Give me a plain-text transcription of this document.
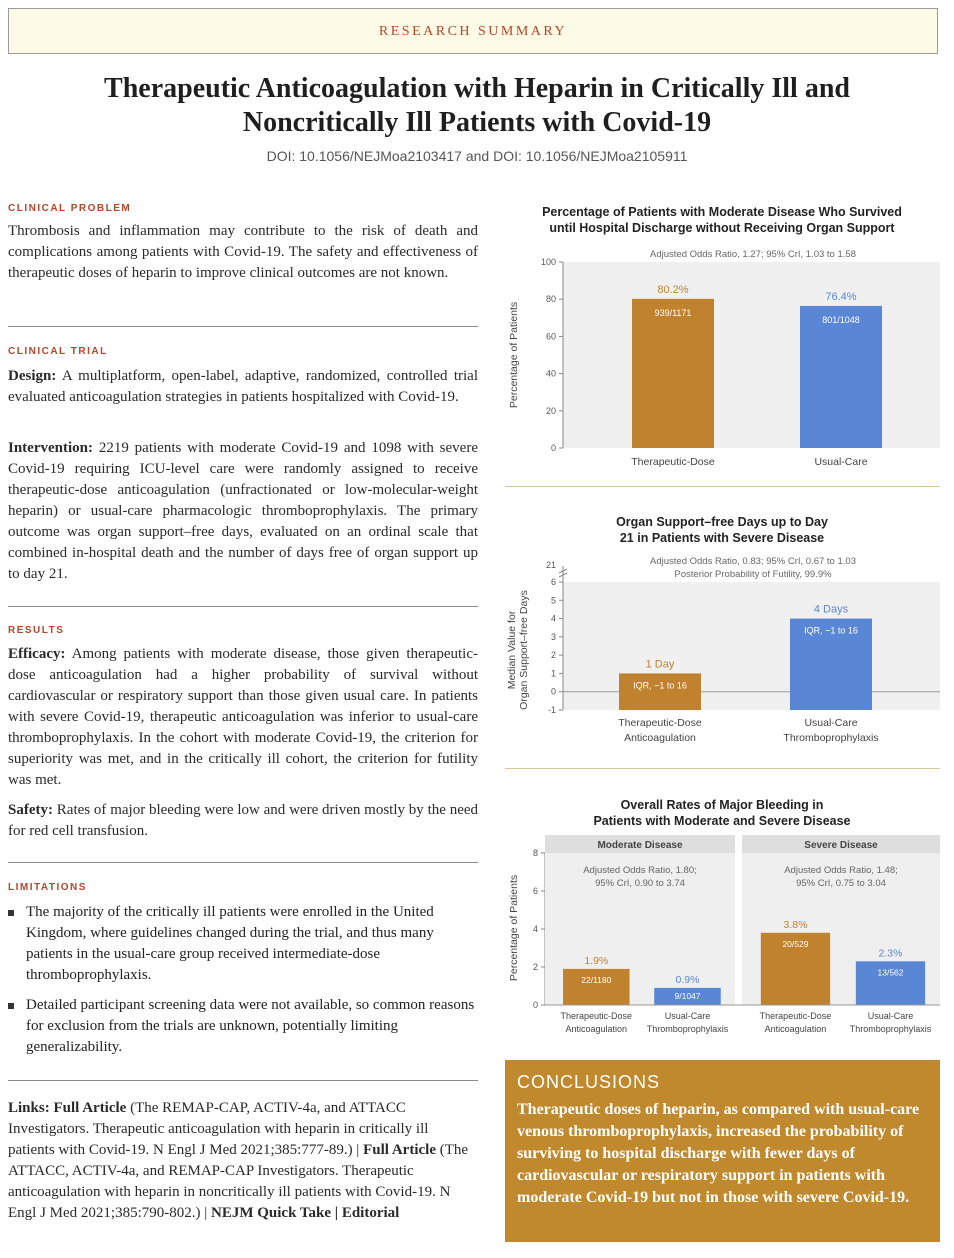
RESEARCH SUMMARY
Therapeutic Anticoagulation with Heparin in Critically Ill and Noncritically Ill Patients with Covid-19
DOI: 10.1056/NEJMoa2103417 and DOI: 10.1056/NEJMoa2105911
CLINICAL PROBLEM

Thrombosis and inflammation may contribute to the risk of death and complications among patients with Covid-19. The safety and effectiveness of therapeutic doses of heparin to improve clinical outcomes are not known.

CLINICAL TRIAL

Design: A multiplatform, open-label, adaptive, randomized, controlled trial evaluated anticoagulation strategies in patients hospitalized with Covid-19.

Intervention: 2219 patients with moderate Covid-19 and 1098 with severe Covid-19 requiring ICU-level care were randomly assigned to receive therapeutic-dose anticoagulation (unfractionated or low-molecular-weight heparin) or usual-care pharmacologic thromboprophylaxis. The primary outcome was organ support–free days, evaluated on an ordinal scale that combined in-hospital death and the number of days free of organ support up to day 21.

RESULTS

Efficacy: Among patients with moderate disease, those given therapeutic-dose anticoagulation had a higher probability of survival without cardiovascular or respiratory support than those given usual care. In patients with severe Covid-19, therapeutic anticoagulation was inferior to usual-care thromboprophylaxis. In the cohort with moderate Covid-19, the criterion for superiority was met, and in the critically ill cohort, the criterion for futility was met.

Safety: Rates of major bleeding were low and were driven mostly by the need for red cell transfusion.

LIMITATIONS
The majority of the critically ill patients were enrolled in the United Kingdom, where guidelines changed during the trial, and thus many patients in the usual-care group received intermediate-dose thromboprophylaxis.
Detailed participant screening data were not available, so common reasons for exclusion from the trials are unknown, potentially limiting generalizability.
Links: Full Article (The REMAP-CAP, ACTIV-4a, and ATTACC Investigators. Therapeutic anticoagulation with heparin in critically ill patients with Covid-19. N Engl J Med 2021;385:777-89.) | Full Article (The ATTACC, ACTIV-4a, and REMAP-CAP Investigators. Therapeutic anticoagulation with heparin in noncritically ill patients with Covid-19. N Engl J Med 2021;385:790-802.) | NEJM Quick Take | Editorial
Percentage of Patients with Moderate Disease Who Survived
until Hospital Discharge without Receiving Organ Support
Adjusted Odds Ratio, 1.27; 95% CrI, 1.03 to 1.58
0
20
40
60
80
100
80.2%
939/1171
Therapeutic-Dose
76.4%
801/1048
Usual-Care
Percentage of Patients
Organ Support–free Days up to Day
21 in Patients with Severe Disease
Adjusted Odds Ratio, 0.83; 95% CrI, 0.67 to 1.03
Posterior Probability of Futility, 99.9%
21
-1
0
1
2
3
4
5
6
1 Day
IQR, −1 to 16
Therapeutic-Dose
Anticoagulation
4 Days
IQR, −1 to 16
Usual-Care
Thromboprophylaxis
Median Value forOrgan Support–free Days
Overall Rates of Major Bleeding in
Patients with Moderate and Severe Disease
0
2
4
6
8
Moderate Disease
Adjusted Odds Ratio, 1.80;
95% CrI, 0.90 to 3.74
1.9%
22/1180
Therapeutic-Dose
Anticoagulation
0.9%
9/1047
Usual-Care
Thromboprophylaxis
Severe Disease
Adjusted Odds Ratio, 1.48;
95% CrI, 0.75 to 3.04
3.8%
20/529
Therapeutic-Dose
Anticoagulation
2.3%
13/562
Usual-Care
Thromboprophylaxis
Percentage of Patients
CONCLUSIONS

Therapeutic doses of heparin, as compared with usual-care venous thromboprophylaxis, increased the probability of surviving to hospital discharge with fewer days of cardiovascular or respiratory support in patients with moderate Covid-19 but not in those with severe Covid-19.
